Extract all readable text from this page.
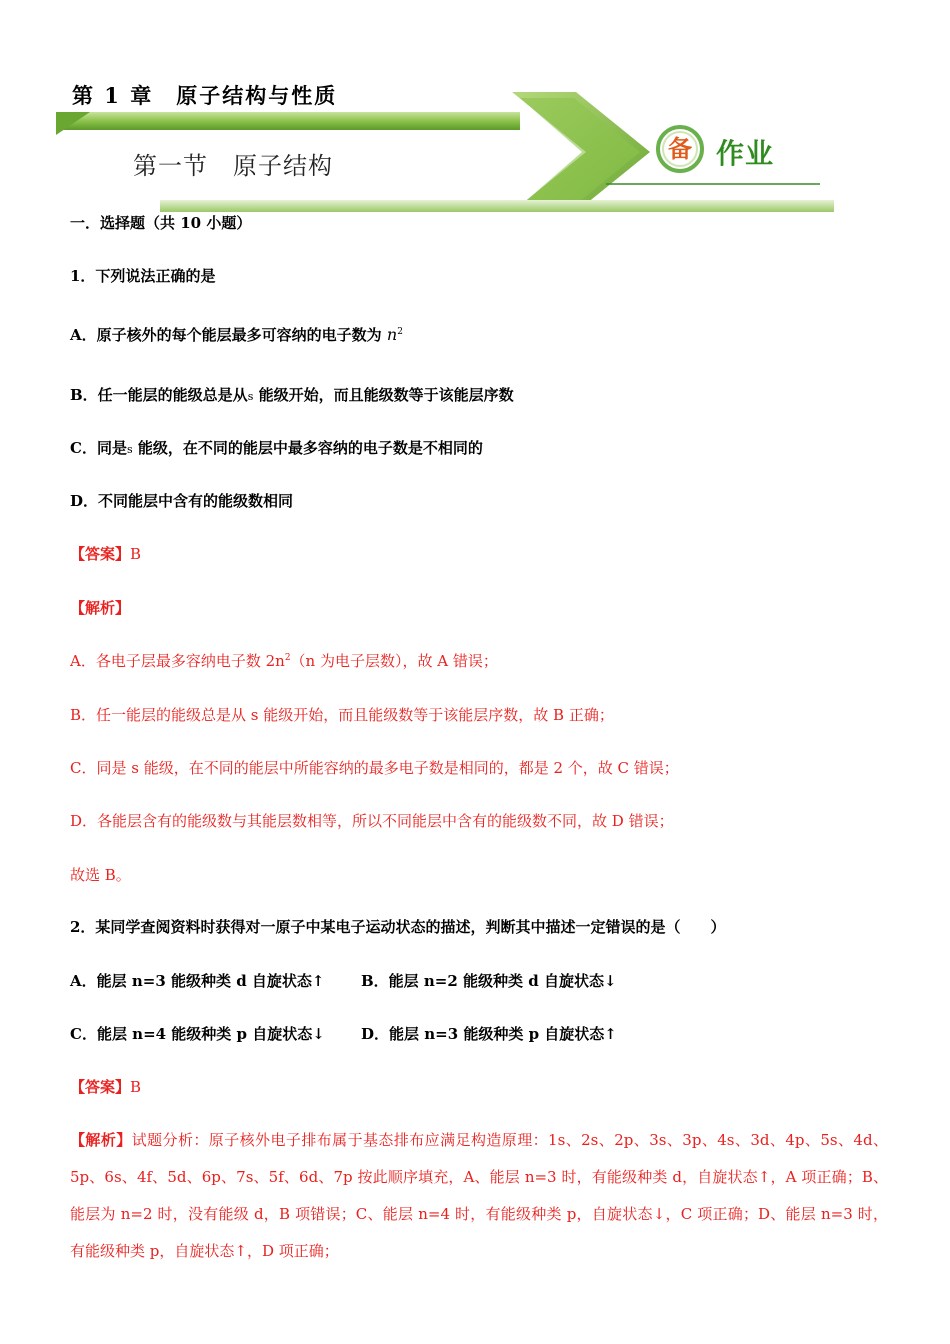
第 1 章　原子结构与性质
第一节　原子结构
备 作业
一．选择题（共 10 小题）
1．下列说法正确的是
A．原子核外的每个能层最多可容纳的电子数为 $n^2$
B．任一能层的能级总是从s 能级开始，而且能级数等于该能层序数
C．同是s 能级，在不同的能层中最多容纳的电子数是不相同的
D．不同能层中含有的能级数相同
【答案】B
【解析】
A．各电子层最多容纳电子数 $2n^2(n$ 为电子层数），故 A 错误；
B．任一能层的能级总是从 s 能级开始，而且能级数等于该能层序数，故 B 正确；
C．同是 s 能级，在不同的能层中所能容纳的最多电子数是相同的，都是 2 个，故 C 错误；
D．各能层含有的能级数与其能层数相等，所以不同能层中含有的能级数不同，故 D 错误；
故选 B。
2．某同学查阅资料时获得对一原子中某电子运动状态的描述，判断其中描述一定错误的是（　　）
A．能层 n=3 能级种类 d 自旋状态↑ B．能层 n=2 能级种类 d 自旋状态↓
C．能层 n=4 能级种类 p 自旋状态↓ D．能层 n=3 能级种类 p 自旋状态↑
【答案】B
【解析】试题分析：原子核外电子排布属于基态排布应满足构造原理：1s、2s、2p、3s、3p、4s、3d、4p、5s、4d、5p、6s、4f、5d、6p、7s、5f、6d、7p 按此顺序填充，A、能层 n=3 时，有能级种类 d，自旋状态↑，A 项正确；B、能层为 n=2 时，没有能级 d，B 项错误；C、能层 n=4 时，有能级种类 p，自旋状态↓，C 项正确；D、能层 n=3 时，有能级种类 p，自旋状态↑，D 项正确；
